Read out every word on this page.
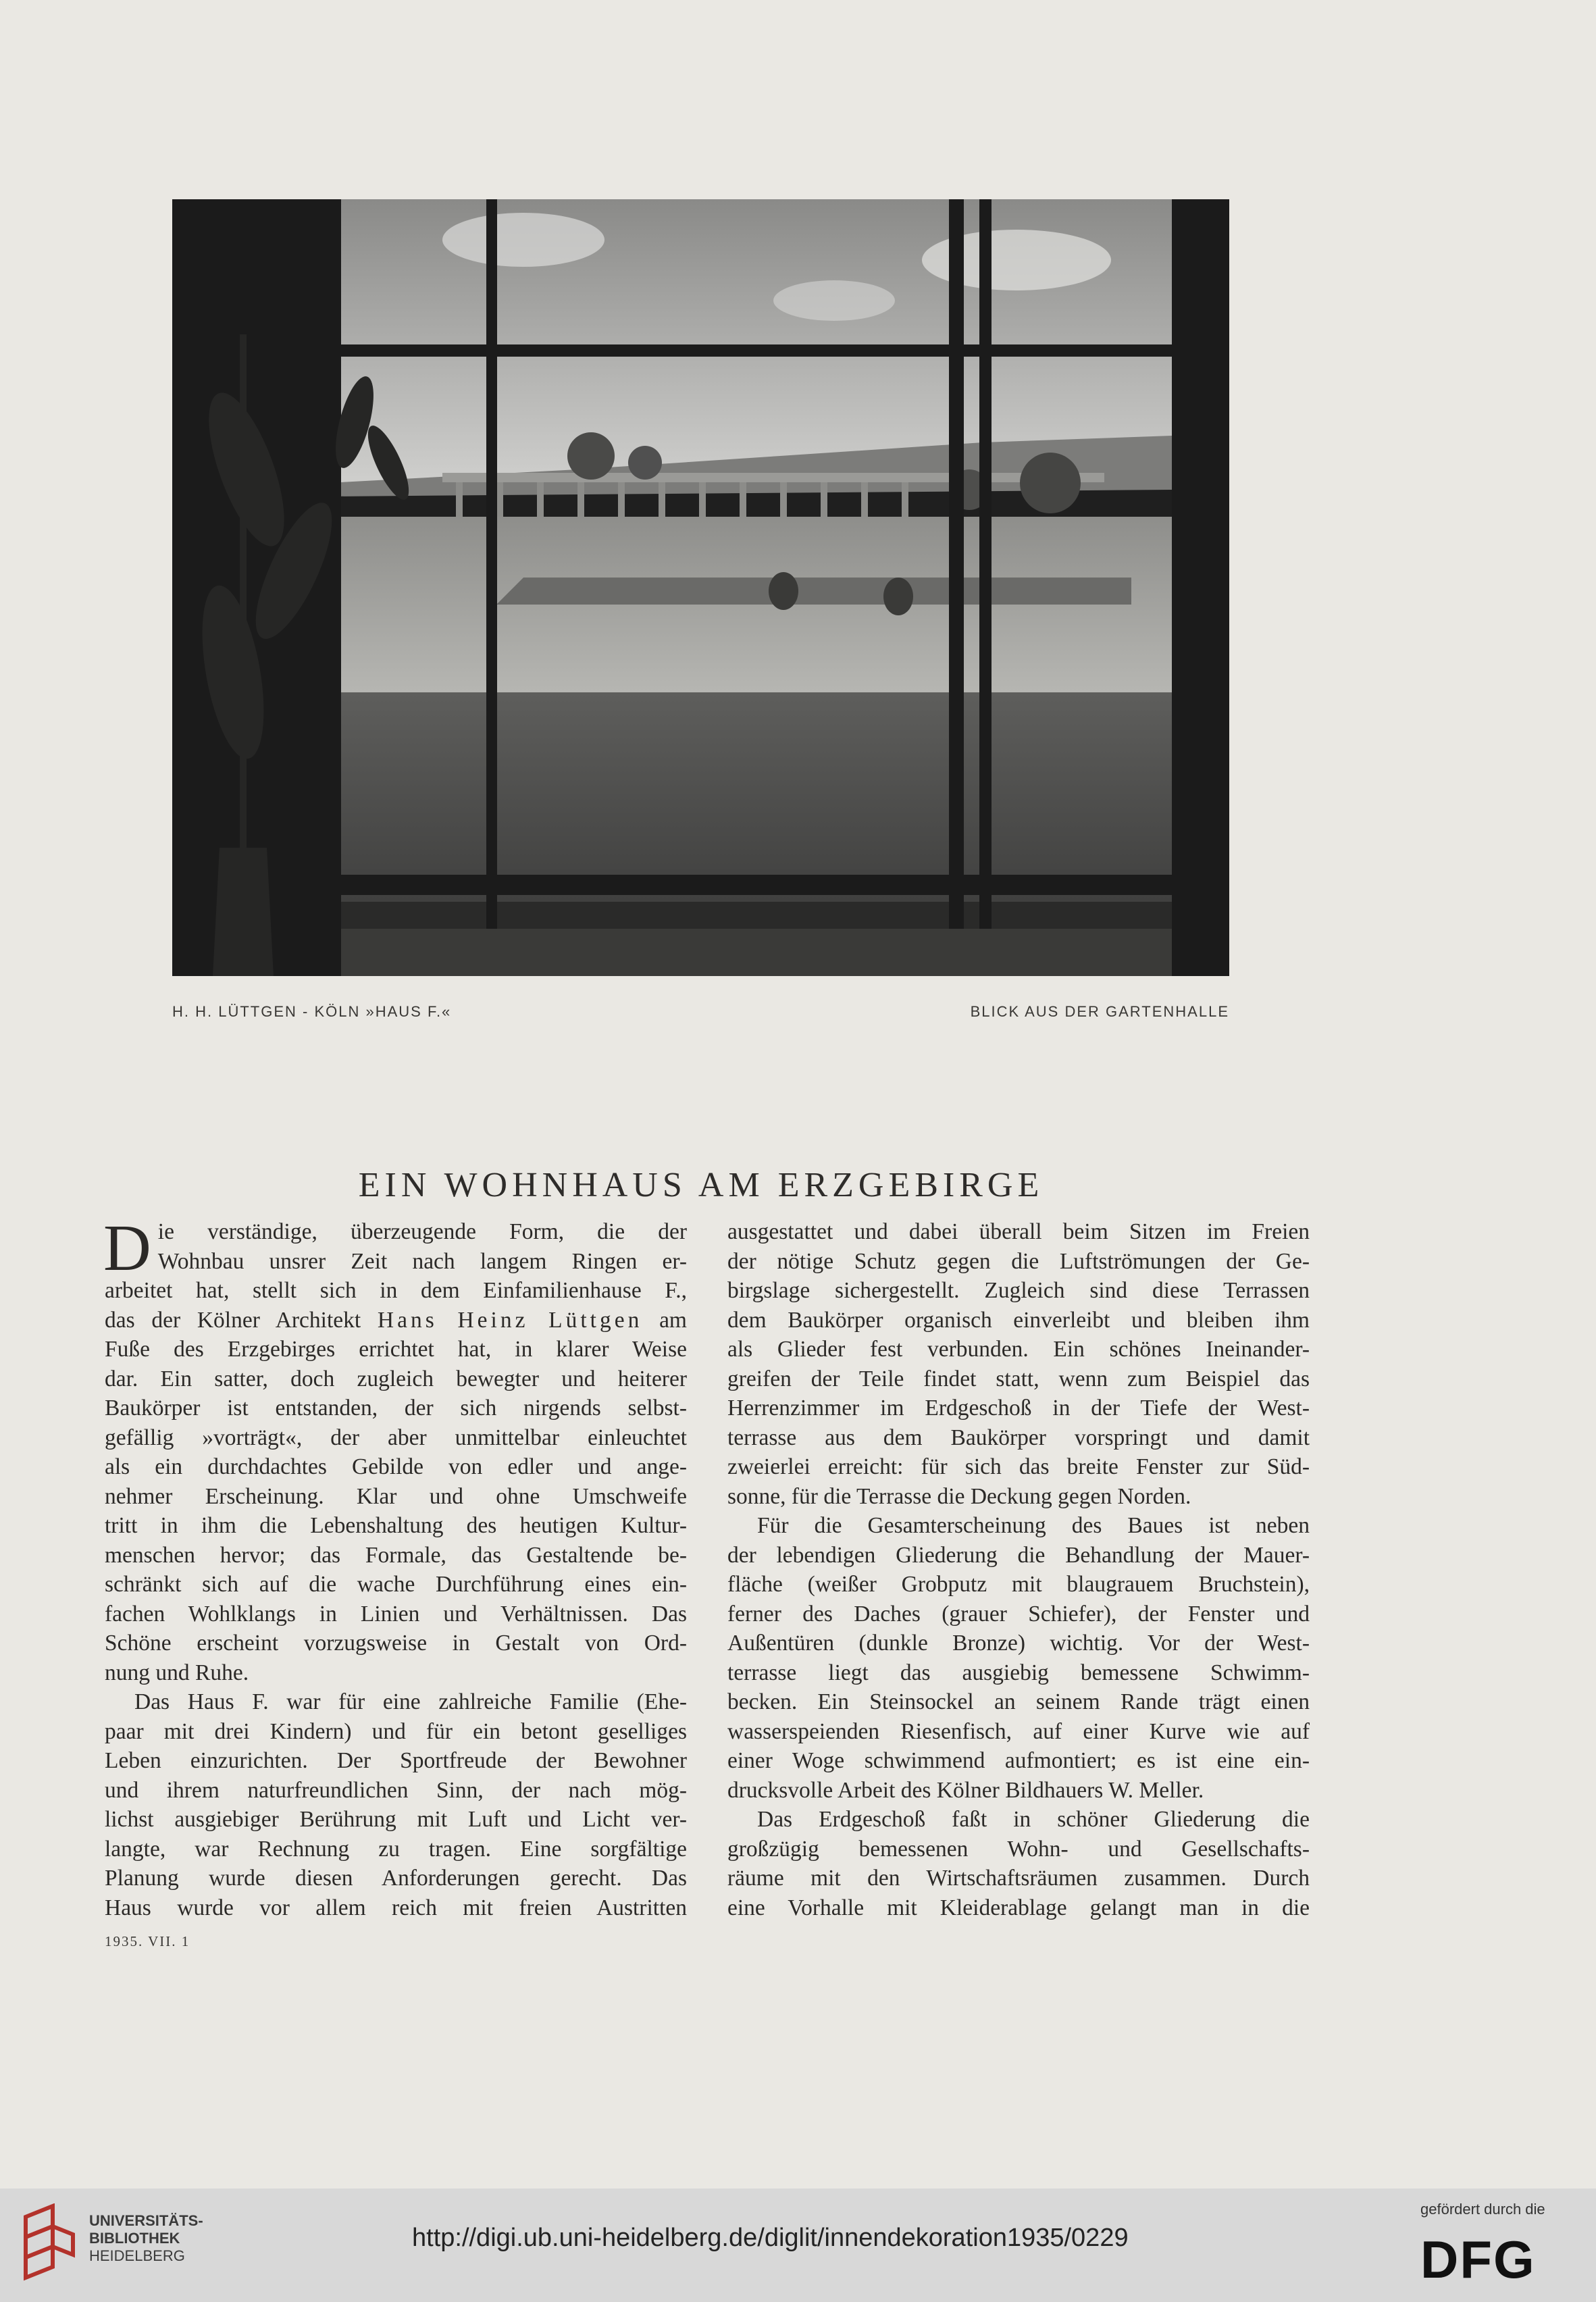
H. H. LÜTTGEN - KÖLN »HAUS F.«	BLICK AUS DER GARTENHALLE
EIN WOHNHAUS AM ERZGEBIRGE
D ie verständige, überzeugende Form, die der
Wohnbau unsrer Zeit nach langem Ringen er-
arbeitet hat, stellt sich in dem Einfamilienhause F.,
das der Kölner Architekt Hans Heinz Lüttgen am
Fuße des Erzgebirges errichtet hat, in klarer Weise
dar. Ein satter, doch zugleich bewegter und heiterer
Baukörper ist entstanden, der sich nirgends selbst-
gefällig »vorträgt«, der aber unmittelbar einleuchtet
als ein durchdachtes Gebilde von edler und ange-
nehmer Erscheinung. Klar und ohne Umschweife
tritt in ihm die Lebenshaltung des heutigen Kultur-
menschen hervor; das Formale, das Gestaltende be-
schränkt sich auf die wache Durchführung eines ein-
fachen Wohlklangs in Linien und Verhältnissen. Das
Schöne erscheint vorzugsweise in Gestalt von Ord-
nung und Ruhe.
Das Haus F. war für eine zahlreiche Familie (Ehe-
paar mit drei Kindern) und für ein betont geselliges
Leben einzurichten. Der Sportfreude der Bewohner
und ihrem naturfreundlichen Sinn, der nach mög-
lichst ausgiebiger Berührung mit Luft und Licht ver-
langte, war Rechnung zu tragen. Eine sorgfältige
Planung wurde diesen Anforderungen gerecht. Das
Haus wurde vor allem reich mit freien Austritten
ausgestattet und dabei überall beim Sitzen im Freien
der nötige Schutz gegen die Luftströmungen der Ge-
birgslage sichergestellt. Zugleich sind diese Terrassen
dem Baukörper organisch einverleibt und bleiben ihm
als Glieder fest verbunden. Ein schönes Ineinander-
greifen der Teile findet statt, wenn zum Beispiel das
Herrenzimmer im Erdgeschoß in der Tiefe der West-
terrasse aus dem Baukörper vorspringt und damit
zweierlei erreicht: für sich das breite Fenster zur Süd-
sonne, für die Terrasse die Deckung gegen Norden.
Für die Gesamterscheinung des Baues ist neben
der lebendigen Gliederung die Behandlung der Mauer-
fläche (weißer Grobputz mit blaugrauem Bruchstein),
ferner des Daches (grauer Schiefer), der Fenster und
Außentüren (dunkle Bronze) wichtig. Vor der West-
terrasse liegt das ausgiebig bemessene Schwimm-
becken. Ein Steinsockel an seinem Rande trägt einen
wasserspeienden Riesenfisch, auf einer Kurve wie auf
einer Woge schwimmend aufmontiert; es ist eine ein-
drucksvolle Arbeit des Kölner Bildhauers W. Meller.
Das Erdgeschoß faßt in schöner Gliederung die
großzügig bemessenen Wohn- und Gesellschafts-
räume mit den Wirtschaftsräumen zusammen. Durch
eine Vorhalle mit Kleiderablage gelangt man in die
1935. VII. 1
UNIVERSITÄTS-
BIBLIOTHEK
HEIDELBERG
http://digi.ub.uni-heidelberg.de/diglit/innendekoration1935/0229
gefördert durch die
DFG
